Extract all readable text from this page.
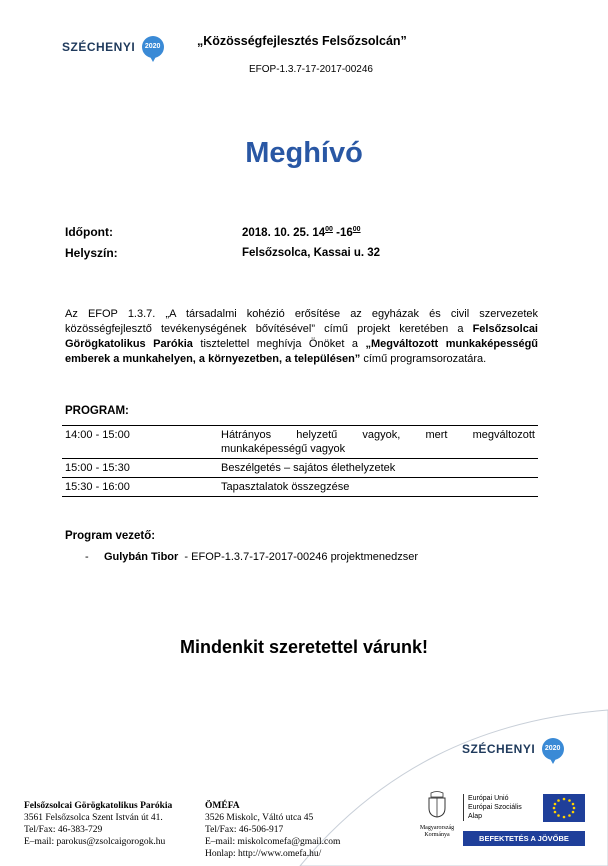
SZÉCHENYI	2020	„Közösségfejlesztés Felsőzsolcán”
EFOP-1.3.7-17-2017-00246
Meghívó
Időpont:	2018. 10. 25. $14^{00}$ $-16^{00}$
Helyszín:	Felsőzsolca, Kassai u. 32
Az EFOP 1.3.7. „A társadalmi kohézió erősítése az egyházak és civil szervezetek közösségfejlesztő tevékenységének bővítésével” című projekt keretében a Felsőzsolcai Görögkatolikus Parókia tisztelettel meghívja Önöket a „Megváltozott munkaképességű emberek a munkahelyen, a környezetben, a településen” című programsorozatára.
PROGRAM:
14:00 - 15:00	Hátrányos helyzetű vagyok, mert megváltozott munkaképességű vagyok
15:00 - 15:30	Beszélgetés – sajátos élethelyzetek
15:30 - 16:00	Tapasztalatok összegzése
Program vezető:
- Gulybán Tibor  - EFOP-1.3.7-17-2017-00246 projektmenedzser
Mindenkit szeretettel várunk!
SZÉCHENYI	2020
Felsőzsolcai Görögkatolikus Parókia
3561 Felsőzsolca Szent István út 41.
Tel/Fax: 46-383-729
E–mail: parokus@zsolcaigorogok.hu
ÖMÉFA
3526 Miskolc, Váltó utca 45
Tel/Fax: 46-506-917
E–mail: miskolcomefa@gmail.com
Honlap: http://www.omefa.hu/
Magyarország
Kormánya
Európai Unió
Európai Szociális
Alap
BEFEKTETÉS A JÖVŐBE
